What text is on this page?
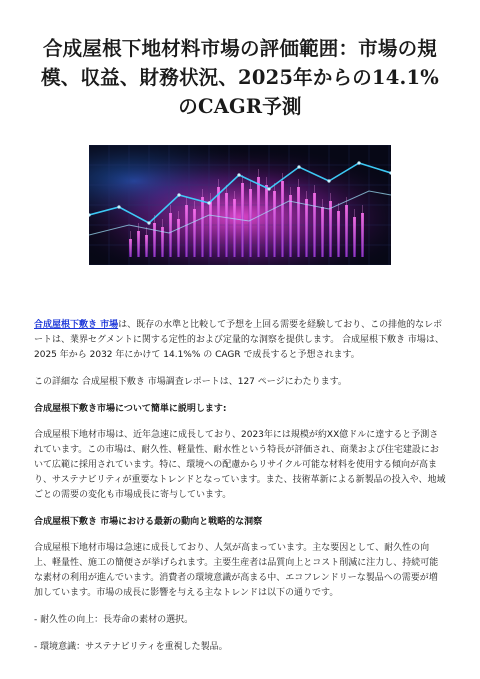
合成屋根下地材料市場の評価範囲：市場の規模、収益、財務状況、2025年からの14.1%のCAGR予測

合成屋根下敷き 市場は、既存の水準と比較して予想を上回る需要を経験しており、この排他的なレポートは、業界セグメントに関する定性的および定量的な洞察を提供します。 合成屋根下敷き 市場は、2025 年から 2032 年にかけて 14.1%% の CAGR で成長すると予想されます。

この詳細な 合成屋根下敷き 市場調査レポートは、127 ページにわたります。

合成屋根下敷き市場について簡単に説明します:

合成屋根下地材市場は、近年急速に成長しており、2023年には規模が約XX億ドルに達すると予測されています。この市場は、耐久性、軽量性、耐水性という特長が評価され、商業および住宅建設において広範に採用されています。特に、環境への配慮からリサイクル可能な材料を使用する傾向が高まり、サステナビリティが重要なトレンドとなっています。また、技術革新による新製品の投入や、地域ごとの需要の変化も市場成長に寄与しています。

合成屋根下敷き 市場における最新の動向と戦略的な洞察

合成屋根下地材市場は急速に成長しており、人気が高まっています。主な要因として、耐久性の向上、軽量性、施工の簡便さが挙げられます。主要生産者は品質向上とコスト削減に注力し、持続可能な素材の利用が進んでいます。消費者の環境意識が高まる中、エコフレンドリーな製品への需要が増加しています。市場の成長に影響を与える主なトレンドは以下の通りです。

- 耐久性の向上：長寿命の素材の選択。

- 環境意識：サステナビリティを重視した製品。
